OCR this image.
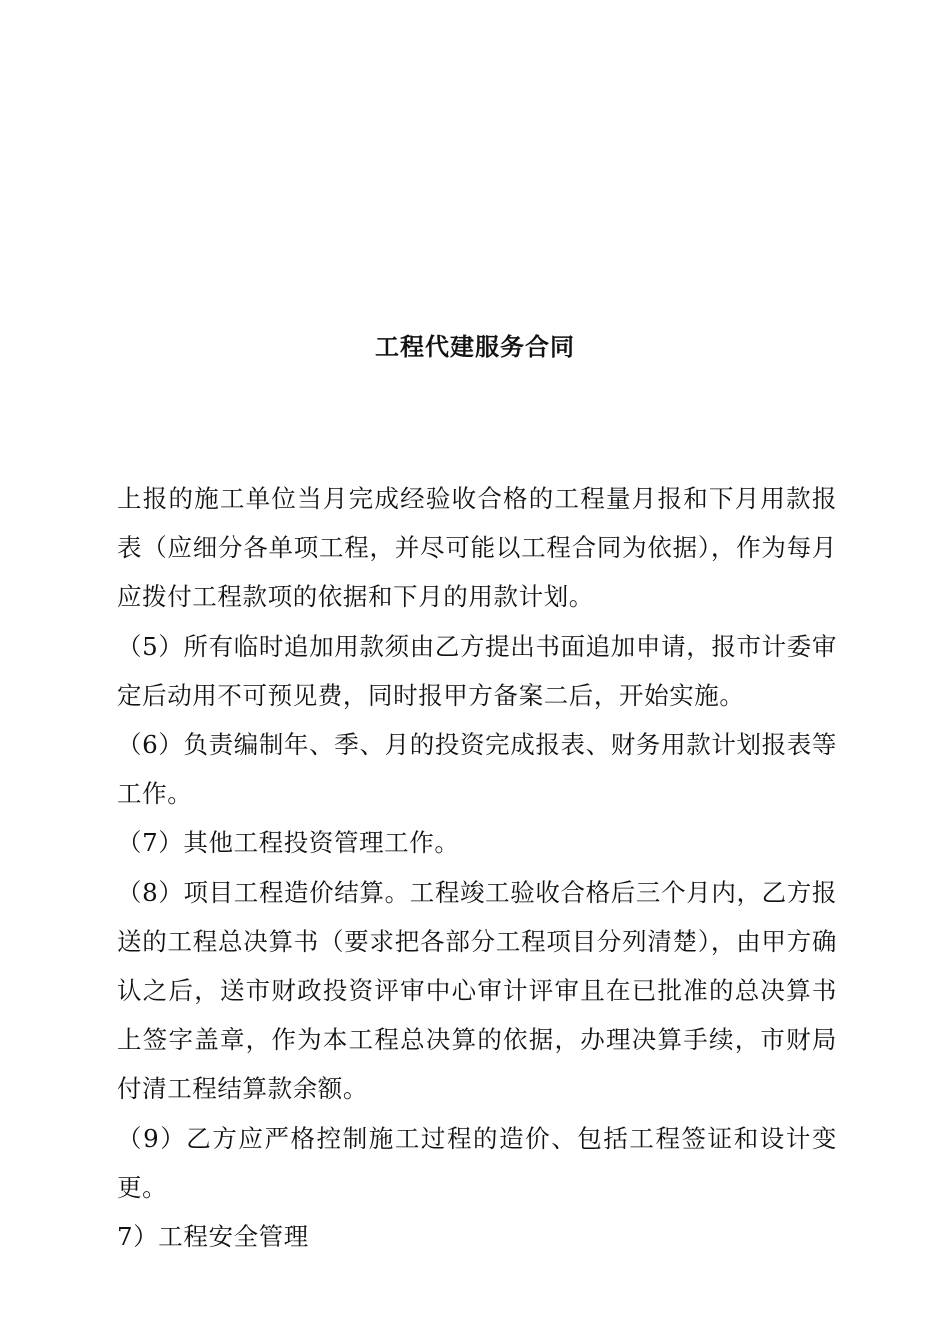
工程代建服务合同

上报的施工单位当月完成经验收合格的工程量月报和下月用款报表（应细分各单项工程，并尽可能以工程合同为依据），作为每月应拨付工程款项的依据和下月的用款计划。

（5）所有临时追加用款须由乙方提出书面追加申请，报市计委审定后动用不可预见费，同时报甲方备案二后，开始实施。

（6）负责编制年、季、月的投资完成报表、财务用款计划报表等工作。

（7）其他工程投资管理工作。

（8）项目工程造价结算。工程竣工验收合格后三个月内，乙方报送的工程总决算书（要求把各部分工程项目分列清楚），由甲方确认之后，送市财政投资评审中心审计评审且在已批准的总决算书上签字盖章，作为本工程总决算的依据，办理决算手续，市财局付清工程结算款余额。

（9）乙方应严格控制施工过程的造价、包括工程签证和设计变更。

7）工程安全管理
